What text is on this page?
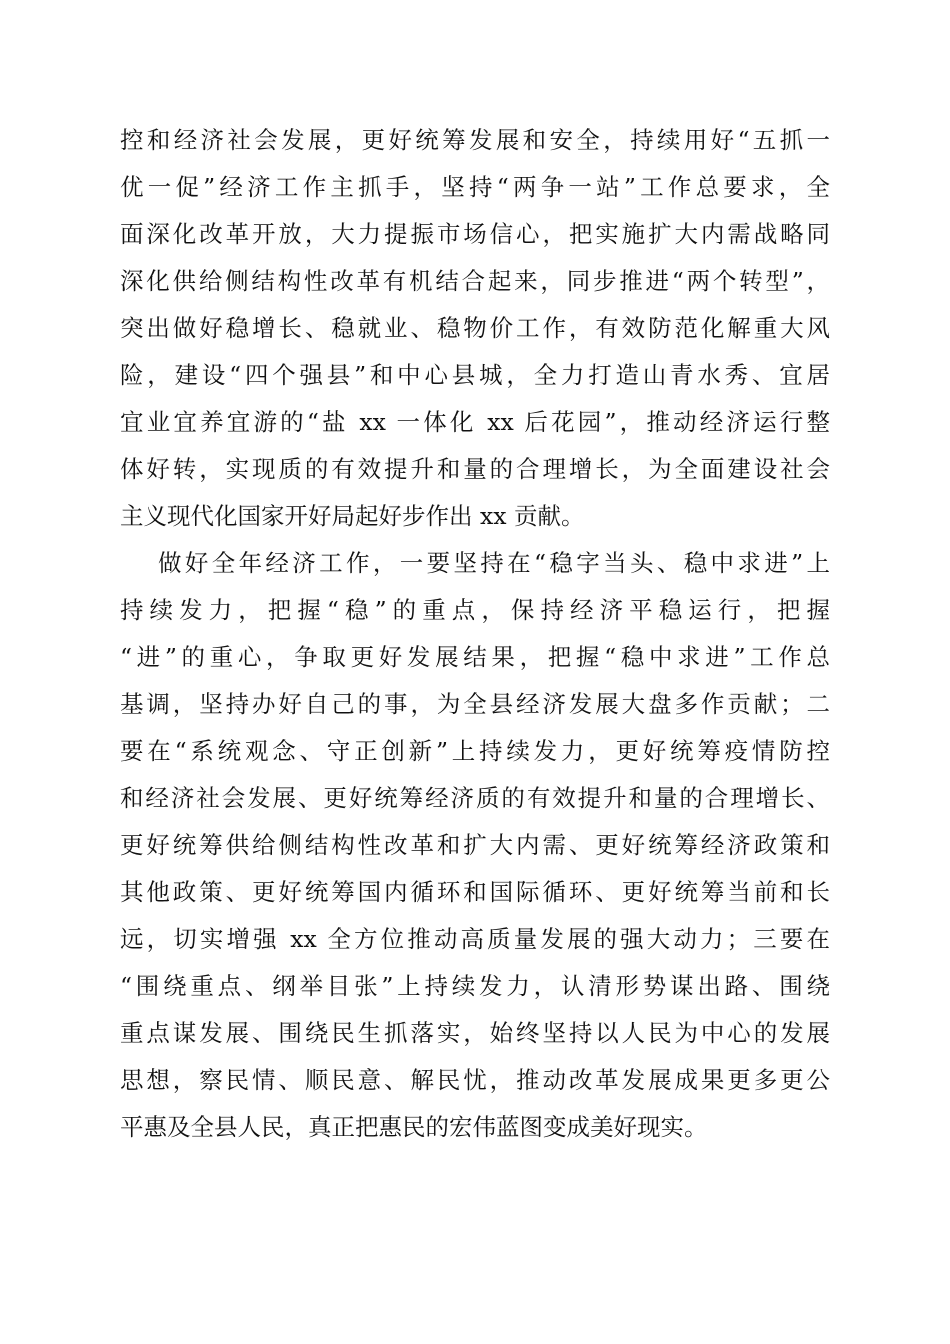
控和经济社会发展，更好统筹发展和安全，持续用好“五抓一
优一促”经济工作主抓手，坚持“两争一站”工作总要求，全
面深化改革开放，大力提振市场信心，把实施扩大内需战略同
深化供给侧结构性改革有机结合起来，同步推进“两个转型”，
突出做好稳增长、稳就业、稳物价工作，有效防范化解重大风
险，建设“四个强县”和中心县城，全力打造山青水秀、宜居
宜业宜养宜游的“盐 xx 一体化 xx 后花园”，推动经济运行整
体好转，实现质的有效提升和量的合理增长，为全面建设社会
主义现代化国家开好局起好步作出 xx 贡献。
做好全年经济工作，一要坚持在“稳字当头、稳中求进”上
持续发力，把握“稳”的重点，保持经济平稳运行，把握
“进”的重心，争取更好发展结果，把握“稳中求进”工作总
基调，坚持办好自己的事，为全县经济发展大盘多作贡献；二
要在“系统观念、守正创新”上持续发力，更好统筹疫情防控
和经济社会发展、更好统筹经济质的有效提升和量的合理增长、
更好统筹供给侧结构性改革和扩大内需、更好统筹经济政策和
其他政策、更好统筹国内循环和国际循环、更好统筹当前和长
远，切实增强 xx 全方位推动高质量发展的强大动力；三要在
“围绕重点、纲举目张”上持续发力，认清形势谋出路、围绕
重点谋发展、围绕民生抓落实，始终坚持以人民为中心的发展
思想，察民情、顺民意、解民忧，推动改革发展成果更多更公
平惠及全县人民，真正把惠民的宏伟蓝图变成美好现实。
